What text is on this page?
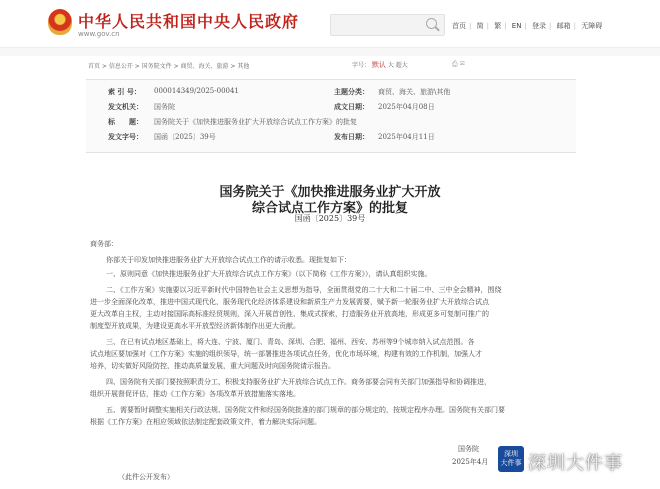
中华人民共和国中央人民政府
www.gov.cn
首页 | 简 | 繁 | EN | 登录 | 邮箱 | 无障碍
首页 > 信息公开 > 国务院文件 > 商贸、海关、旅游 > 其他	字号： 默认 大 超大	⎙ ✉
索 引 号： 000014349/2025-00041	主题分类： 商贸、海关、旅游\其他
发文机关： 国务院	成文日期： 2025年04月08日
标　　题： 国务院关于《加快推进服务业扩大开放综合试点工作方案》的批复
发文字号： 国函〔2025〕39号	发布日期： 2025年04月11日
国务院关于《加快推进服务业扩大开放
综合试点工作方案》的批复
国函〔2025〕39号
商务部：
你部关于印发加快推进服务业扩大开放综合试点工作的请示收悉。现批复如下：
一、原则同意《加快推进服务业扩大开放综合试点工作方案》（以下简称《工作方案》），请认真组织实施。
二、《工作方案》实施要以习近平新时代中国特色社会主义思想为指导，全面贯彻党的二十大和二十届二中、三中全会精神，围绕
进一步全面深化改革，推进中国式现代化，服务现代化经济体系建设和新质生产力发展需要，赋予新一轮服务业扩大开放综合试点
更大改革自主权，主动对接国际高标准经贸规则，深入开展首创性、集成式探索，打造服务业开放高地，形成更多可复制可推广的
制度型开放成果，为建设更高水平开放型经济新体制作出更大贡献。
三、在已有试点地区基础上，将大连、宁波、厦门、青岛、深圳、合肥、福州、西安、苏州等9个城市纳入试点范围。各
试点地区要加强对《工作方案》实施的组织领导，统一部署推进各项试点任务，优化市场环境，构建有效的工作机制，加强人才
培养，切实做好风险防控，推动高质量发展，重大问题及时向国务院请示报告。
四、国务院有关部门要按照职责分工，积极支持服务业扩大开放综合试点工作。商务部要会同有关部门加强指导和协调推进，
组织开展督促评估，推动《工作方案》各项改革开放措施落实落地。
五、需要暂时调整实施相关行政法规、国务院文件和经国务院批准的部门规章的部分规定的，按规定程序办理。国务院有关部门要
根据《工作方案》在相应领域依法制定配套政策文件，着力解决实际问题。
国务院
2025年4月
（此件公开发布）
深圳
大件事 深圳大件事
